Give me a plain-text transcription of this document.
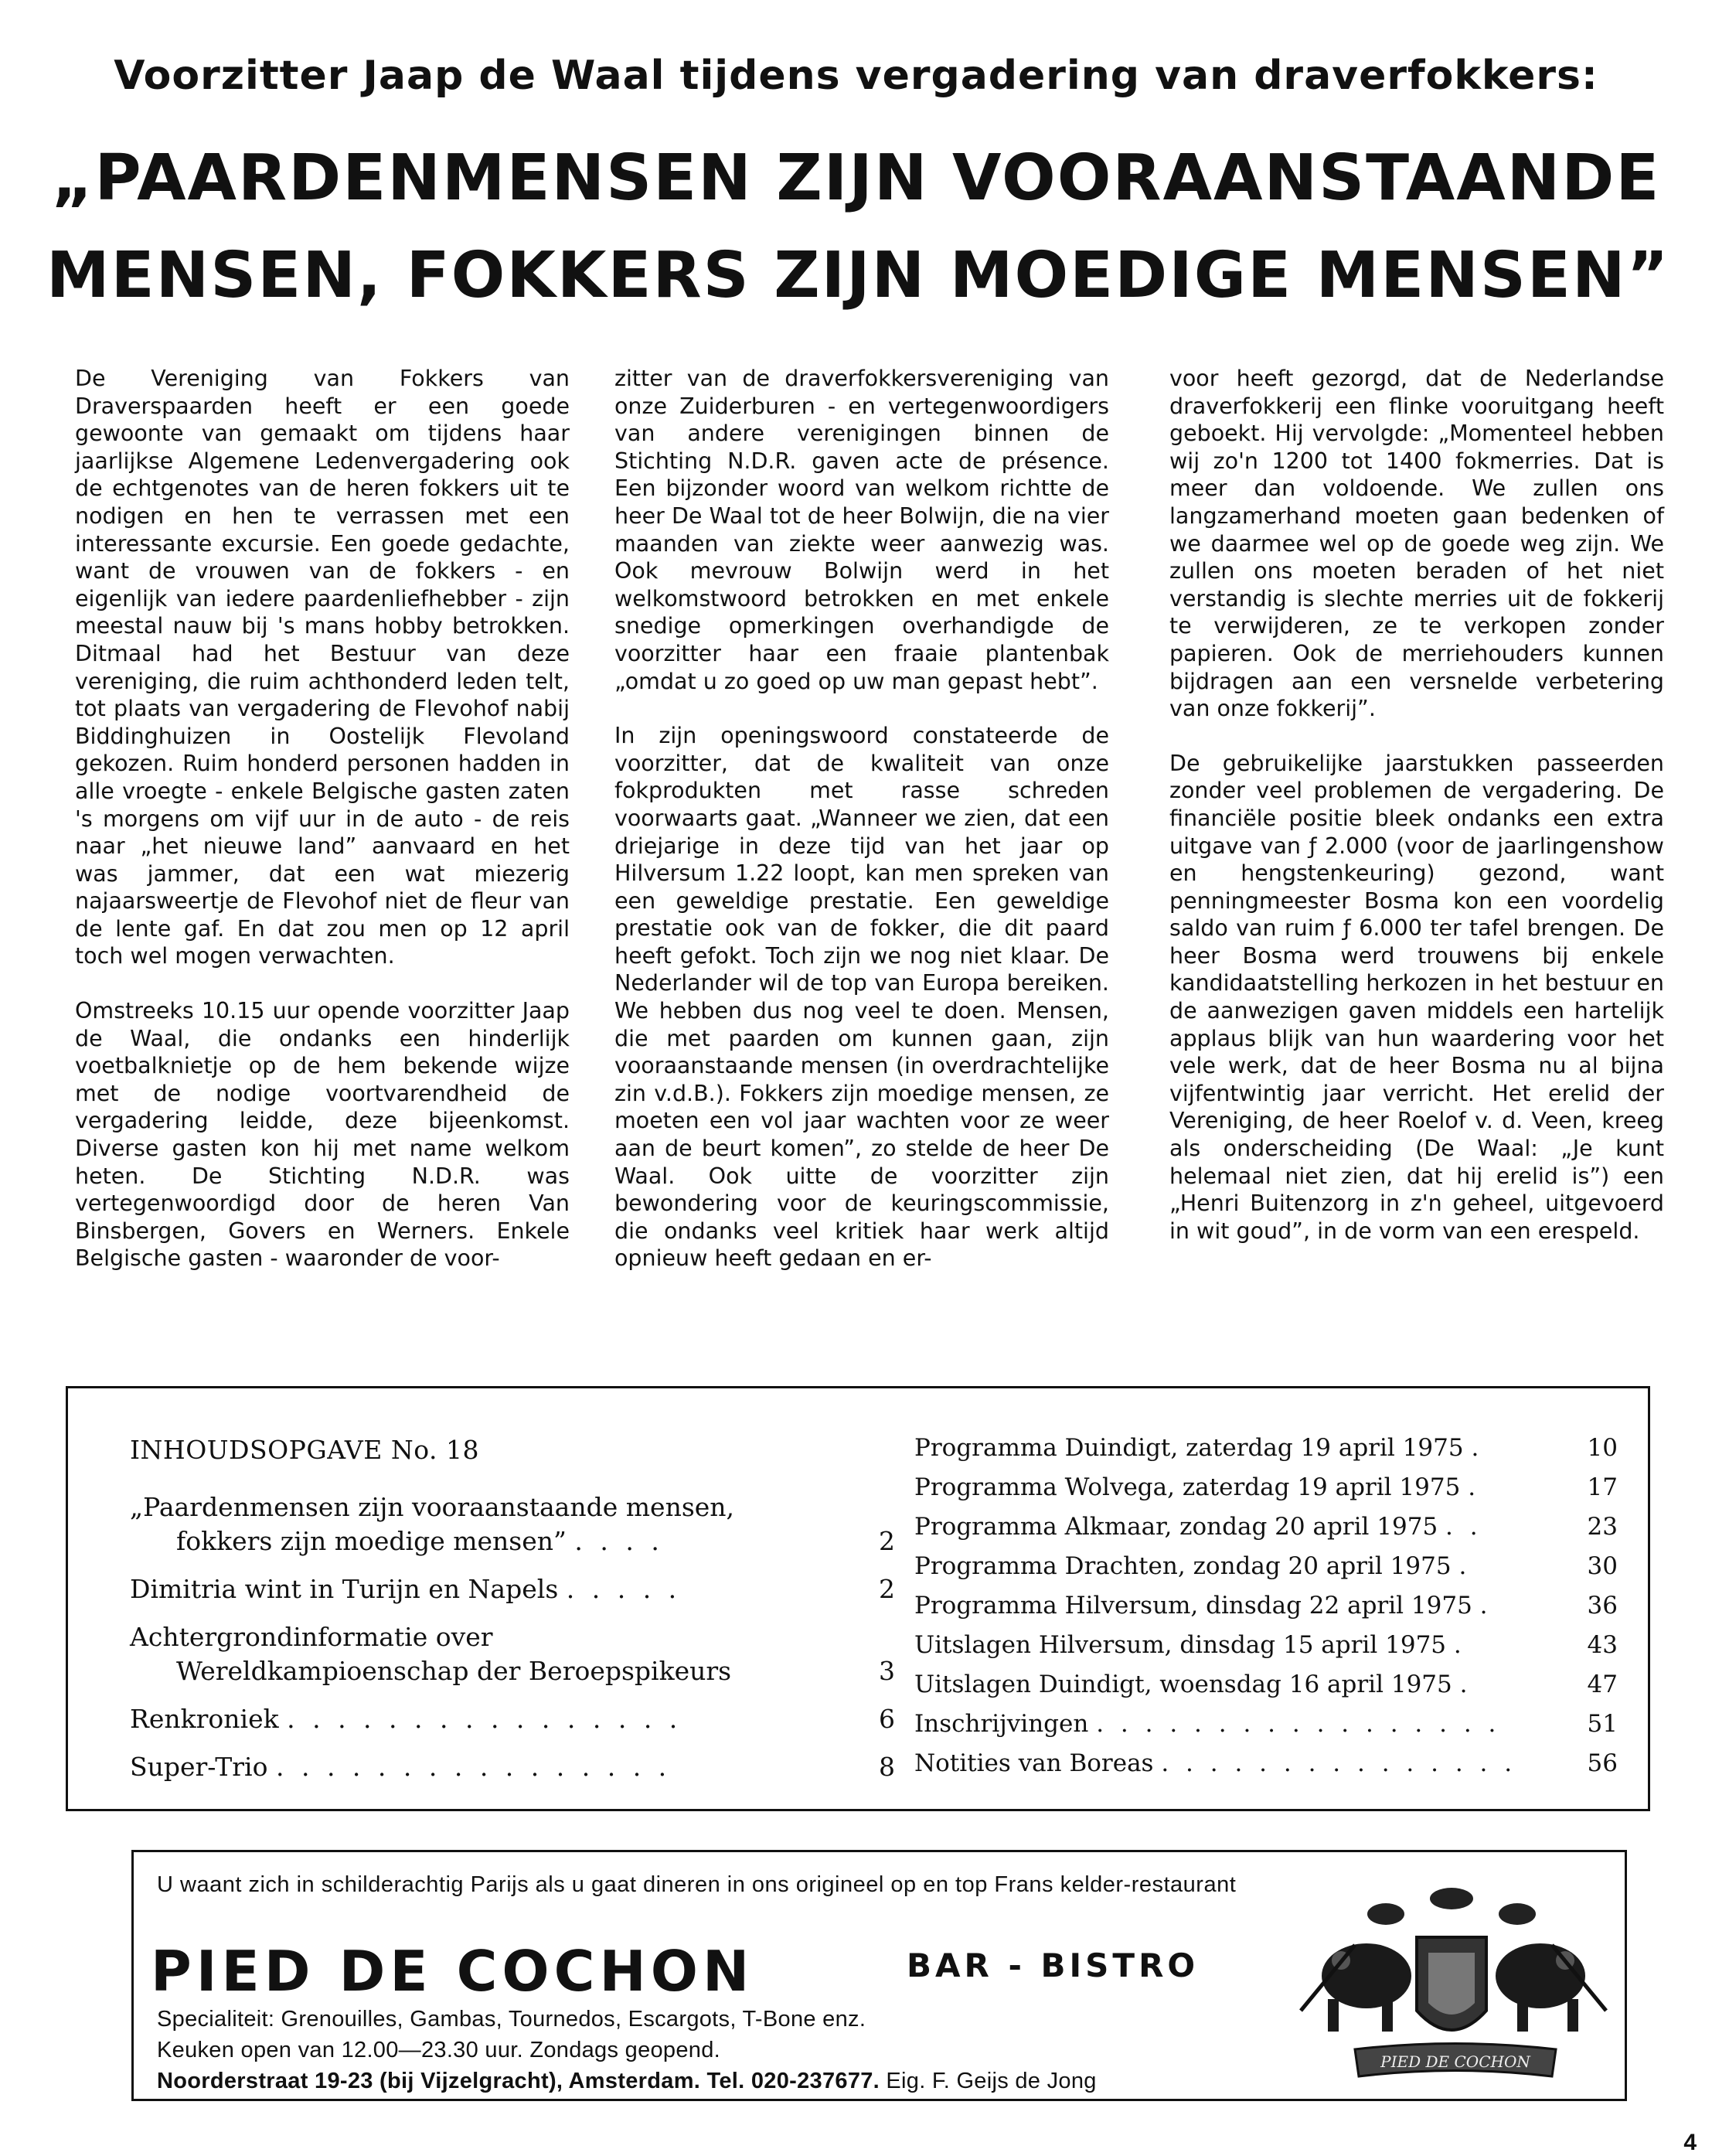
Voorzitter Jaap de Waal tijdens vergadering van draverfokkers:
„PAARDENMENSEN ZIJN VOORAANSTAANDE
MENSEN, FOKKERS ZIJN MOEDIGE MENSEN”

De Vereniging van Fokkers van Draverspaarden heeft er een goede gewoonte van gemaakt om tijdens haar jaarlijkse Algemene Ledenvergadering ook de echtgenotes van de heren fokkers uit te nodigen en hen te verrassen met een interessante excursie. Een goede gedachte, want de vrouwen van de fokkers - en eigenlijk van iedere paardenliefhebber - zijn meestal nauw bij 's mans hobby betrokken. Ditmaal had het Bestuur van deze vereniging, die ruim achthonderd leden telt, tot plaats van vergadering de Flevohof nabij Biddinghuizen in Oostelijk Flevoland gekozen. Ruim honderd personen hadden in alle vroegte - enkele Belgische gasten zaten 's morgens om vijf uur in de auto - de reis naar „het nieuwe land” aanvaard en het was jammer, dat een wat miezerig najaarsweertje de Flevohof niet de fleur van de lente gaf. En dat zou men op 12 april toch wel mogen verwachten.

Omstreeks 10.15 uur opende voorzitter Jaap de Waal, die ondanks een hinderlijk voetbalknietje op de hem bekende wijze met de nodige voortvarendheid de vergadering leidde, deze bijeenkomst. Diverse gasten kon hij met name welkom heten. De Stichting N.D.R. was vertegenwoordigd door de heren Van Binsbergen, Govers en Werners. Enkele Belgische gasten - waaronder de voor-

zitter van de draverfokkersvereniging van onze Zuiderburen - en vertegenwoordigers van andere verenigingen binnen de Stichting N.D.R. gaven acte de présence. Een bijzonder woord van welkom richtte de heer De Waal tot de heer Bolwijn, die na vier maanden van ziekte weer aanwezig was. Ook mevrouw Bolwijn werd in het welkomstwoord betrokken en met enkele snedige opmerkingen overhandigde de voorzitter haar een fraaie plantenbak „omdat u zo goed op uw man gepast hebt”.

In zijn openingswoord constateerde de voorzitter, dat de kwaliteit van onze fokprodukten met rasse schreden voorwaarts gaat. „Wanneer we zien, dat een driejarige in deze tijd van het jaar op Hilversum 1.22 loopt, kan men spreken van een geweldige prestatie. Een geweldige prestatie ook van de fokker, die dit paard heeft gefokt. Toch zijn we nog niet klaar. De Nederlander wil de top van Europa bereiken. We hebben dus nog veel te doen. Mensen, die met paarden om kunnen gaan, zijn vooraanstaande mensen (in overdrachtelijke zin v.d.B.). Fokkers zijn moedige mensen, ze moeten een vol jaar wachten voor ze weer aan de beurt komen”, zo stelde de heer De Waal. Ook uitte de voorzitter zijn bewondering voor de keuringscommissie, die ondanks veel kritiek haar werk altijd opnieuw heeft gedaan en er-

voor heeft gezorgd, dat de Nederlandse draverfokkerij een flinke vooruitgang heeft geboekt. Hij vervolgde: „Momenteel hebben wij zo'n 1200 tot 1400 fokmerries. Dat is meer dan voldoende. We zullen ons langzamerhand moeten gaan bedenken of we daarmee wel op de goede weg zijn. We zullen ons moeten beraden of het niet verstandig is slechte merries uit de fokkerij te verwijderen, ze te verkopen zonder papieren. Ook de merriehouders kunnen bijdragen aan een versnelde verbetering van onze fokkerij”.

De gebruikelijke jaarstukken passeerden zonder veel problemen de vergadering. De financiële positie bleek ondanks een extra uitgave van ƒ 2.000 (voor de jaarlingenshow en hengstenkeuring) gezond, want penningmeester Bosma kon een voordelig saldo van ruim ƒ 6.000 ter tafel brengen. De heer Bosma werd trouwens bij enkele kandidaatstelling herkozen in het bestuur en de aanwezigen gaven middels een hartelijk applaus blijk van hun waardering voor het vele werk, dat de heer Bosma nu al bijna vijfentwintig jaar verricht. Het erelid der Vereniging, de heer Roelof v. d. Veen, kreeg als onderscheiding (De Waal: „Je kunt helemaal niet zien, dat hij erelid is”) een „Henri Buitenzorg in z'n geheel, uitgevoerd in wit goud”, in de vorm van een erespeld.

INHOUDSOPGAVE No. 18
„Paardenmensen zijn vooraanstaande mensen,
fokkers zijn moedige mensen” . . . .	2
Dimitria wint in Turijn en Napels . . . . .	2
Achtergrondinformatie over
Wereldkampioenschap der Beroepspikeurs	3
Renkroniek . . . . . . . . . . . . . . . .	6
Super-Trio . . . . . . . . . . . . . . . .	8
Programma Duindigt, zaterdag 19 april 1975 .	10
Programma Wolvega, zaterdag 19 april 1975 .	17
Programma Alkmaar, zondag 20 april 1975 . .	23
Programma Drachten, zondag 20 april 1975 .	30
Programma Hilversum, dinsdag 22 april 1975 .	36
Uitslagen Hilversum, dinsdag 15 april 1975 .	43
Uitslagen Duindigt, woensdag 16 april 1975 .	47
Inschrijvingen . . . . . . . . . . . . . . . . .	51
Notities van Boreas . . . . . . . . . . . . . . .	56
U waant zich in schilderachtig Parijs als u gaat dineren in ons origineel op en top Frans kelder-restaurant
PIED DE COCHON	BAR - BISTRO
Specialiteit: Grenouilles, Gambas, Tournedos, Escargots, T-Bone enz.
Keuken open van 12.00—23.30 uur. Zondags geopend.
Noorderstraat 19-23 (bij Vijzelgracht), Amsterdam. Tel. 020-237677. Eig. F. Geijs de Jong
PIED DE COCHON
4
